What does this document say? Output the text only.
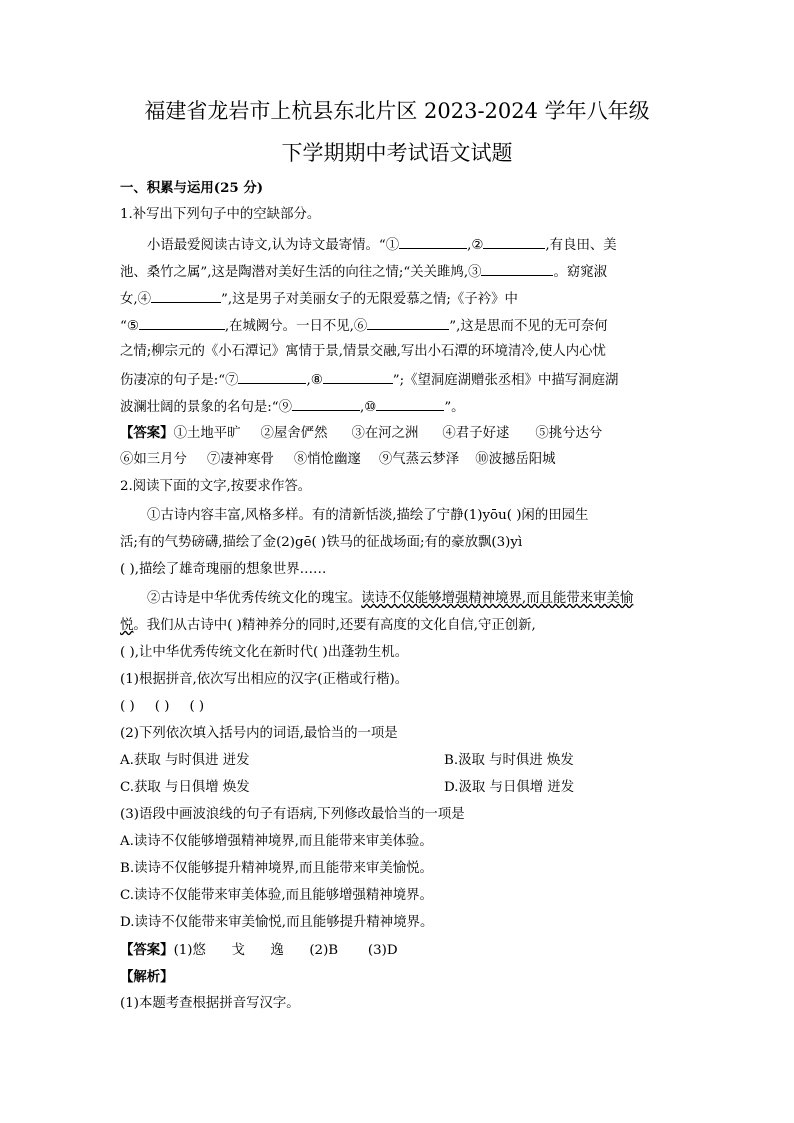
福建省龙岩市上杭县东北片区 2023-2024 学年八年级
下学期期中考试语文试题
一、积累与运用(25 分)
1.补写出下列句子中的空缺部分。
小语最爱阅读古诗文,认为诗文最寄情。“①	,②	,有良田、美
池、桑竹之属”,这是陶潜对美好生活的向往之情;“关关雎鸠,③	。窈窕淑
女,④	”,这是男子对美丽女子的无限爱慕之情;《子衿》中
“⑤	,在城阙兮。一日不见,⑥	”,这是思而不见的无可奈何
之情;柳宗元的《小石潭记》寓情于景,情景交融,写出小石潭的环境清冷,使人内心忧
伤凄凉的句子是:“⑦	,⑧	”;《望洞庭湖赠张丞相》中描写洞庭湖
波澜壮阔的景象的名句是:“⑨	,⑩	”。
【答案】①土地平旷 ②屋舍俨然 ③在河之洲 ④君子好逑 ⑤挑兮达兮
⑥如三月兮 ⑦凄神寒骨 ⑧悄怆幽邃 ⑨气蒸云梦泽 ⑩波撼岳阳城
2.阅读下面的文字,按要求作答。
①古诗内容丰富,风格多样。有的清新恬淡,描绘了宁静(1)yōu( )闲的田园生
活;有的气势磅礴,描绘了金(2)gē( )铁马的征战场面;有的豪放飘(3)yì
( ),描绘了雄奇瑰丽的想象世界……
②古诗是中华优秀传统文化的瑰宝。读诗不仅能够增强精神境界,而且能带来审美愉
悦。我们从古诗中( )精神养分的同时,还要有高度的文化自信,守正创新,
( ),让中华优秀传统文化在新时代( )出蓬勃生机。
(1)根据拼音,依次写出相应的汉字(正楷或行楷)。
( ) ( ) ( )
(2)下列依次填入括号内的词语,最恰当的一项是
A.获取 与时俱进 迸发	B.汲取 与时俱进 焕发
C.获取 与日俱增 焕发	D.汲取 与日俱增 迸发
(3)语段中画波浪线的句子有语病,下列修改最恰当的一项是
A.读诗不仅能够增强精神境界,而且能带来审美体验。
B.读诗不仅能够提升精神境界,而且能带来审美愉悦。
C.读诗不仅能带来审美体验,而且能够增强精神境界。
D.读诗不仅能带来审美愉悦,而且能够提升精神境界。
【答案】(1)悠      戈      逸      (2)B       (3)D
【解析】
(1)本题考查根据拼音写汉字。
